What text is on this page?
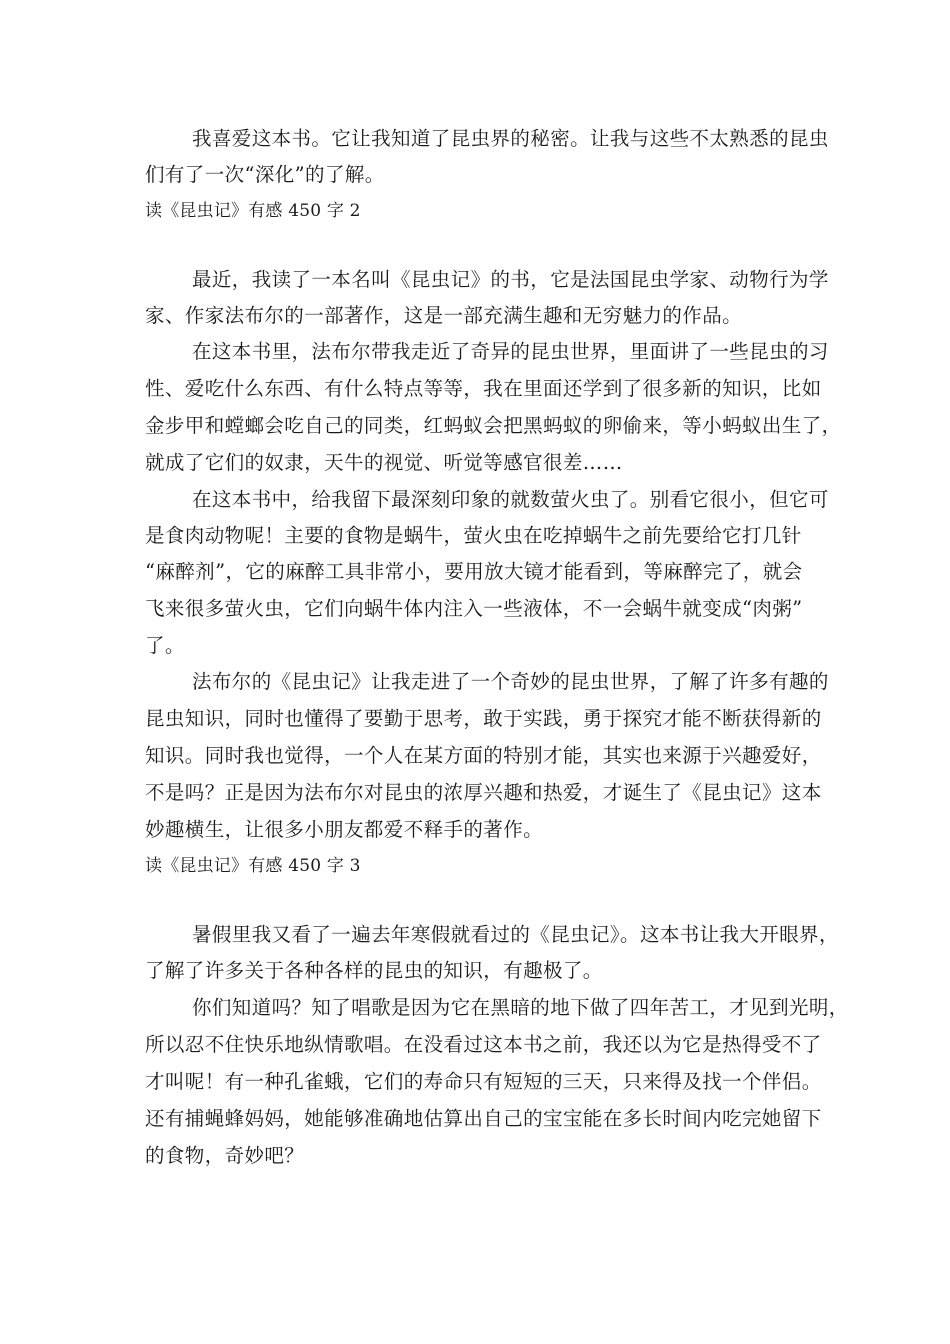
我喜爱这本书。它让我知道了昆虫界的秘密。让我与这些不太熟悉的昆虫
们有了一次“深化”的了解。
读《昆虫记》有感 450 字 2
最近，我读了一本名叫《昆虫记》的书，它是法国昆虫学家、动物行为学
家、作家法布尔的一部著作，这是一部充满生趣和无穷魅力的作品。
在这本书里，法布尔带我走近了奇异的昆虫世界，里面讲了一些昆虫的习
性、爱吃什么东西、有什么特点等等，我在里面还学到了很多新的知识，比如
金步甲和螳螂会吃自己的同类，红蚂蚁会把黑蚂蚁的卵偷来，等小蚂蚁出生了，
就成了它们的奴隶，天牛的视觉、听觉等感官很差……
在这本书中，给我留下最深刻印象的就数萤火虫了。别看它很小，但它可
是食肉动物呢！主要的食物是蜗牛，萤火虫在吃掉蜗牛之前先要给它打几针
“麻醉剂”，它的麻醉工具非常小，要用放大镜才能看到，等麻醉完了，就会
飞来很多萤火虫，它们向蜗牛体内注入一些液体，不一会蜗牛就变成“肉粥”
了。
法布尔的《昆虫记》让我走进了一个奇妙的昆虫世界，了解了许多有趣的
昆虫知识，同时也懂得了要勤于思考，敢于实践，勇于探究才能不断获得新的
知识。同时我也觉得，一个人在某方面的特别才能，其实也来源于兴趣爱好，
不是吗？正是因为法布尔对昆虫的浓厚兴趣和热爱，才诞生了《昆虫记》这本
妙趣横生，让很多小朋友都爱不释手的著作。
读《昆虫记》有感 450 字 3
暑假里我又看了一遍去年寒假就看过的《昆虫记》。这本书让我大开眼界，
了解了许多关于各种各样的昆虫的知识，有趣极了。
你们知道吗？知了唱歌是因为它在黑暗的地下做了四年苦工，才见到光明，
所以忍不住快乐地纵情歌唱。在没看过这本书之前，我还以为它是热得受不了
才叫呢！有一种孔雀蛾，它们的寿命只有短短的三天，只来得及找一个伴侣。
还有捕蝇蜂妈妈，她能够准确地估算出自己的宝宝能在多长时间内吃完她留下
的食物，奇妙吧？
